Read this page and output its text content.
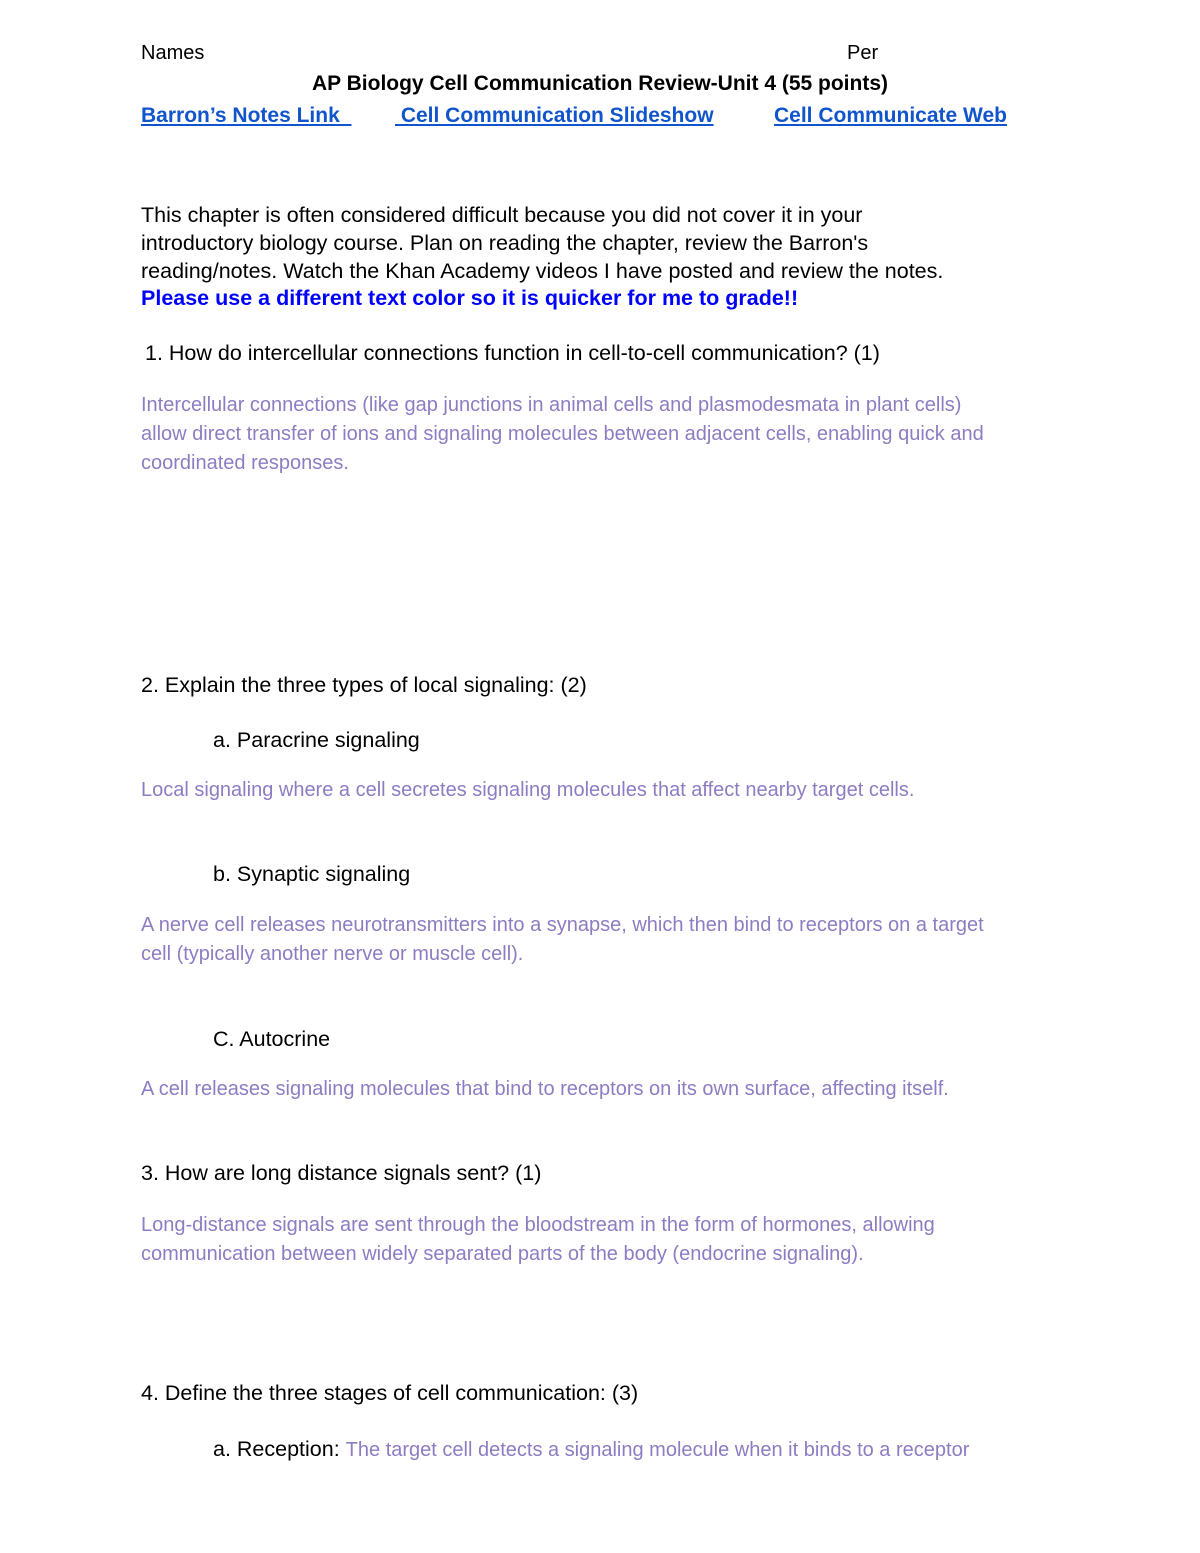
Names	Per
AP Biology Cell Communication Review-Unit 4 (55 points)
Barron’s Notes Link Cell Communication Slideshow	Cell Communicate Web
This chapter is often considered difficult because you did not cover it in your
introductory biology course. Plan on reading the chapter, review the Barron's
reading/notes. Watch the Khan Academy videos I have posted and review the notes.
Please use a different text color so it is quicker for me to grade!!
1. How do intercellular connections function in cell-to-cell communication? (1)
Intercellular connections (like gap junctions in animal cells and plasmodesmata in plant cells)
allow direct transfer of ions and signaling molecules between adjacent cells, enabling quick and
coordinated responses.
2. Explain the three types of local signaling: (2)
a. Paracrine signaling
Local signaling where a cell secretes signaling molecules that affect nearby target cells.
b. Synaptic signaling
A nerve cell releases neurotransmitters into a synapse, which then bind to receptors on a target
cell (typically another nerve or muscle cell).
C. Autocrine
A cell releases signaling molecules that bind to receptors on its own surface, affecting itself.
3. How are long distance signals sent? (1)
Long-distance signals are sent through the bloodstream in the form of hormones, allowing
communication between widely separated parts of the body (endocrine signaling).
4. Define the three stages of cell communication: (3)
a. Reception: The target cell detects a signaling molecule when it binds to a receptor
